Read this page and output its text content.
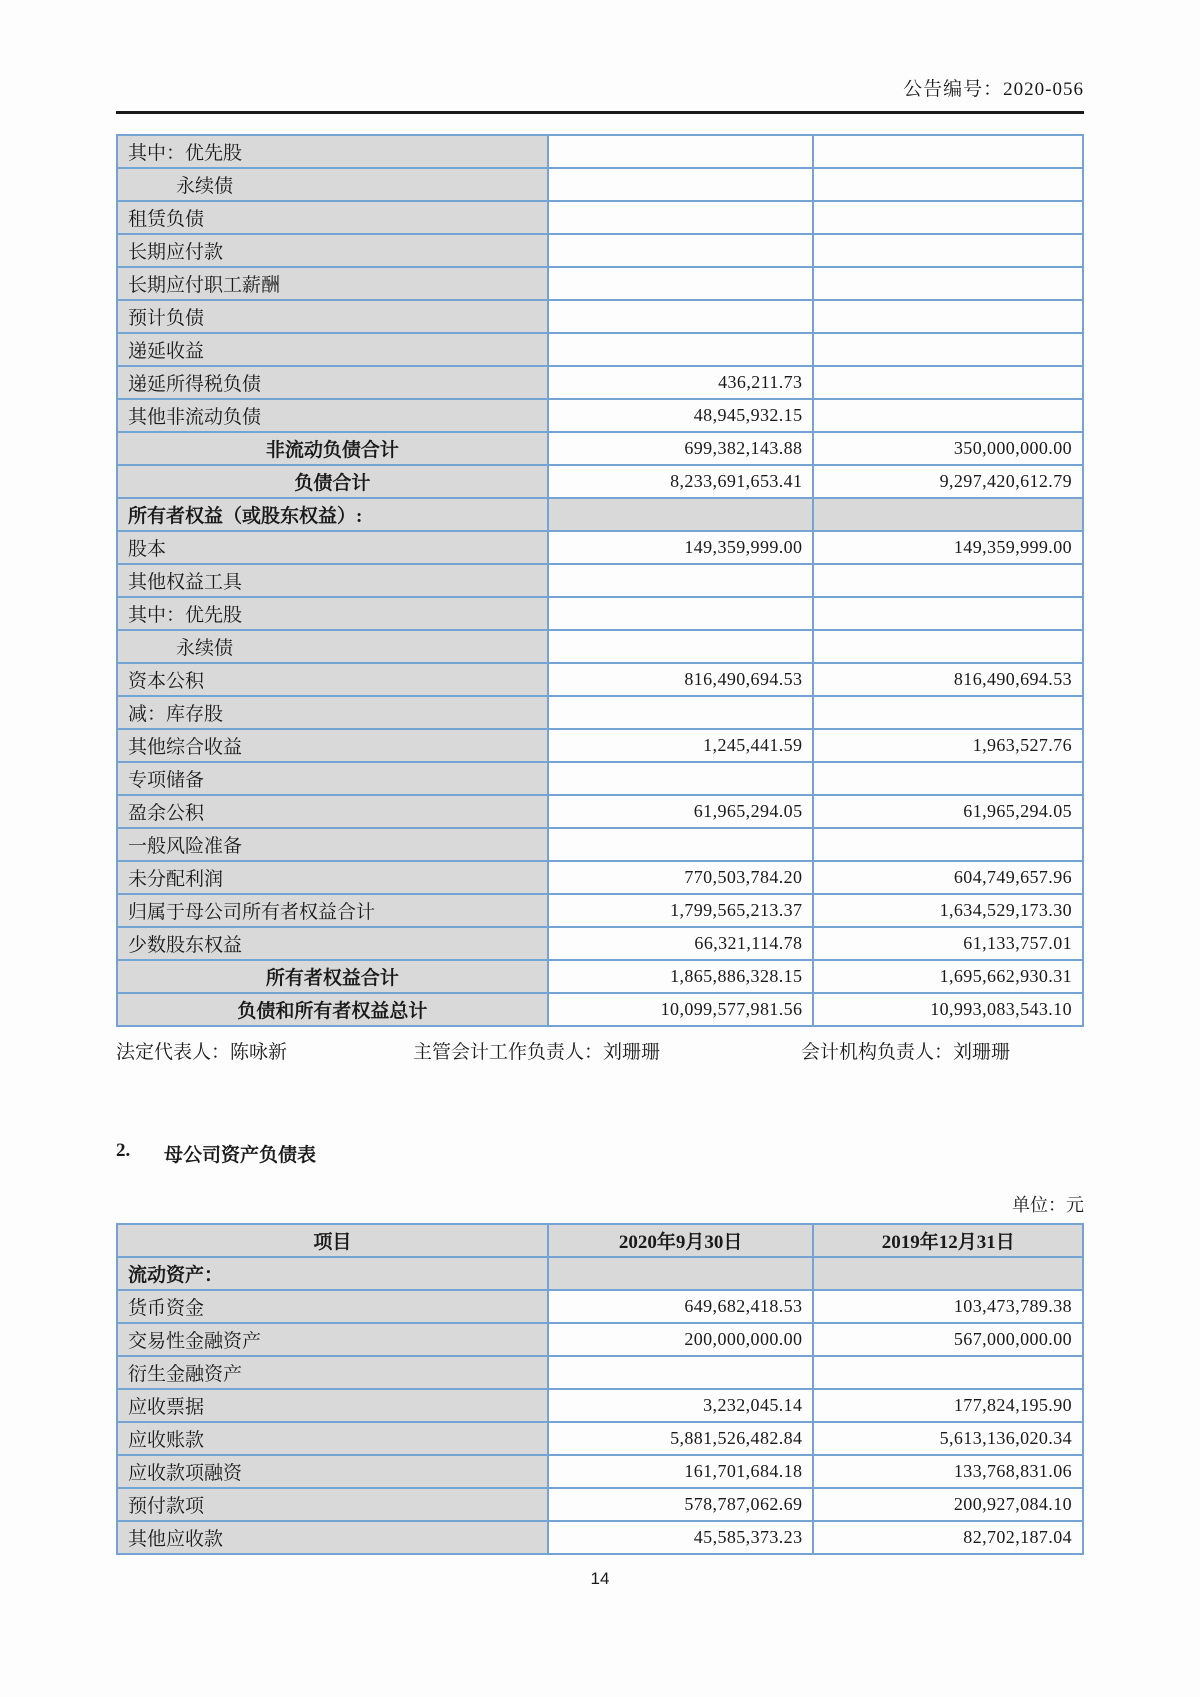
公告编号：2020-056
其中：优先股		
永续债		
租赁负债		
长期应付款		
长期应付职工薪酬		
预计负债		
递延收益		
递延所得税负债	436,211.73	
其他非流动负债	48,945,932.15	
非流动负债合计	699,382,143.88	350,000,000.00
负债合计	8,233,691,653.41	9,297,420,612.79
所有者权益（或股东权益）:		
股本	149,359,999.00	149,359,999.00
其他权益工具		
其中：优先股		
永续债		
资本公积	816,490,694.53	816,490,694.53
减：库存股		
其他综合收益	1,245,441.59	1,963,527.76
专项储备		
盈余公积	61,965,294.05	61,965,294.05
一般风险准备		
未分配利润	770,503,784.20	604,749,657.96
归属于母公司所有者权益合计	1,799,565,213.37	1,634,529,173.30
少数股东权益	66,321,114.78	61,133,757.01
所有者权益合计	1,865,886,328.15	1,695,662,930.31
负债和所有者权益总计	10,099,577,981.56	10,993,083,543.10
法定代表人：陈咏新	主管会计工作负责人：刘珊珊	会计机构负责人：刘珊珊
2.	母公司资产负债表
单位：元
项目	2020年9月30日	2019年12月31日
流动资产：		
货币资金	649,682,418.53	103,473,789.38
交易性金融资产	200,000,000.00	567,000,000.00
衍生金融资产		
应收票据	3,232,045.14	177,824,195.90
应收账款	5,881,526,482.84	5,613,136,020.34
应收款项融资	161,701,684.18	133,768,831.06
预付款项	578,787,062.69	200,927,084.10
其他应收款	45,585,373.23	82,702,187.04
14
